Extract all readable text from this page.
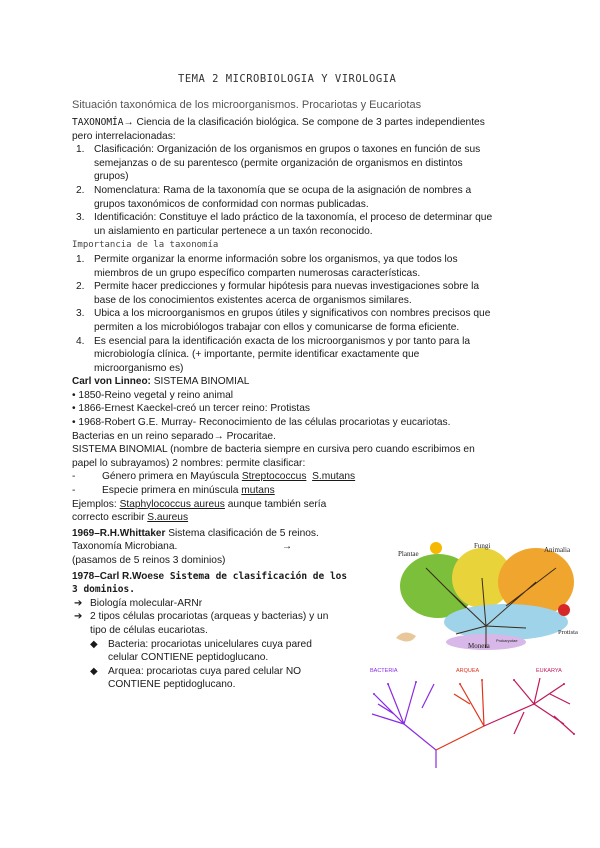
TEMA 2 MICROBIOLOGIA Y VIROLOGIA
Situación taxonómica de los microorganismos. Procariotas y Eucariotas
TAXONOMÍA→ Ciencia de la clasificación biológica. Se compone de 3 partes independientes
pero interrelacionadas:
1. Clasificación: Organización de los organismos en grupos o taxones en función de sus
semejanzas o de su parentesco (permite organización de organismos en distintos
grupos)
2. Nomenclatura: Rama de la taxonomía que se ocupa de la asignación de nombres a
grupos taxonómicos de conformidad con normas publicadas.
3. Identificación: Constituye el lado práctico de la taxonomía, el proceso de determinar que
un aislamiento en particular pertenece a un taxón reconocido.
Importancia de la taxonomía
1. Permite organizar la enorme información sobre los organismos, ya que todos los
miembros de un grupo específico comparten numerosas características.
2. Permite hacer predicciones y formular hipótesis para nuevas investigaciones sobre la
base de los conocimientos existentes acerca de organismos similares.
3. Ubica a los microorganismos en grupos útiles y significativos con nombres precisos que
permiten a los microbiólogos trabajar con ellos y comunicarse de forma eficiente.
4. Es esencial para la identificación exacta de los microorganismos y por tanto para la
microbiología clínica. (+ importante, permite identificar exactamente que
microorganismo es)
Carl von Linneo: SISTEMA BINOMIAL
• 1850-Reino vegetal y reino animal
• 1866-Ernest Kaeckel-creó un tercer reino: Protistas
• 1968-Robert G.E. Murray- Reconocimiento de las células procariotas y eucariotas.
Bacterias en un reino separado→ Procaritae.
SISTEMA BINOMIAL (nombre de bacteria siempre en cursiva pero cuando escribimos en
papel lo subrayamos) 2 nombres: permite clasificar:
-	Género primera en Mayúscula Streptococcus S.mutans
-	Especie primera en minúscula mutans
Ejemplos: Staphylococcus aureus aunque también sería
correcto escribir S.aureus
1969–R.H.Whittaker Sistema clasificación de 5 reinos.
Taxonomía Microbiana.	→
(pasamos de 5 reinos 3 dominios)
1978–Carl R.Woese Sistema de clasificación de los
3 dominios.
➔ Biología molecular-ARNr
➔ 2 tipos células procariotas (arqueas y bacterias) y un
tipo de células eucariotas.
◆ Bacteria: procariotas unicelulares cuya pared
celular CONTIENE peptidoglucano.
◆ Arquea: procariotas cuya pared celular NO
CONTIENE peptidoglucano.
Plantae
Fungi	Animalia
Protista
Monera
Prokaryotae
BACTERIA	ARQUEA	EUKARYA
